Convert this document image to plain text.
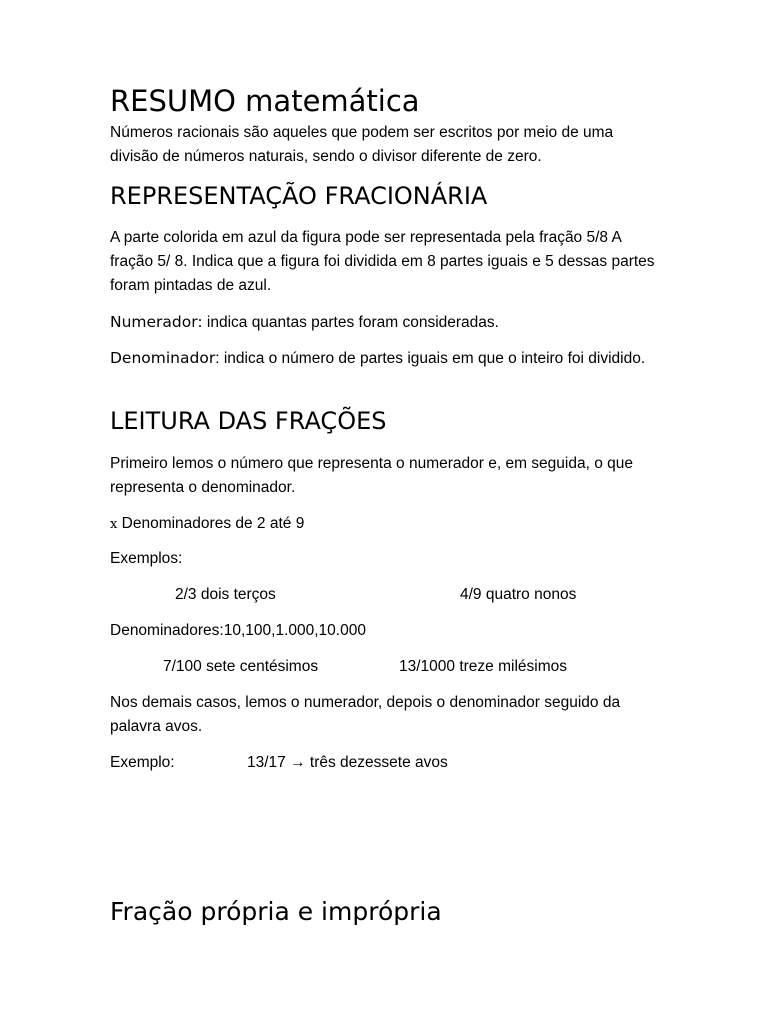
RESUMO matemática

Números racionais são aqueles que podem ser escritos por meio de uma divisão de números naturais, sendo o divisor diferente de zero.

REPRESENTAÇÃO FRACIONÁRIA

A parte colorida em azul da figura pode ser representada pela fração 5/8 A fração 5/ 8. Indica que a figura foi dividida em 8 partes iguais e 5 dessas partes foram pintadas de azul.

Numerador: indica quantas partes foram consideradas.

Denominador: indica o número de partes iguais em que o inteiro foi dividido.

LEITURA DAS FRAÇÕES

Primeiro lemos o número que representa o numerador e, em seguida, o que representa o denominador.

x Denominadores de 2 até 9

Exemplos:

2/3 dois terços	4/9 quatro nonos

Denominadores:10,100,1.000,10.000

7/100 sete centésimos	13/1000 treze milésimos

Nos demais casos, lemos o numerador, depois o denominador seguido da palavra avos.

Exemplo:	13/17 → três dezessete avos
Fração própria e imprópria
